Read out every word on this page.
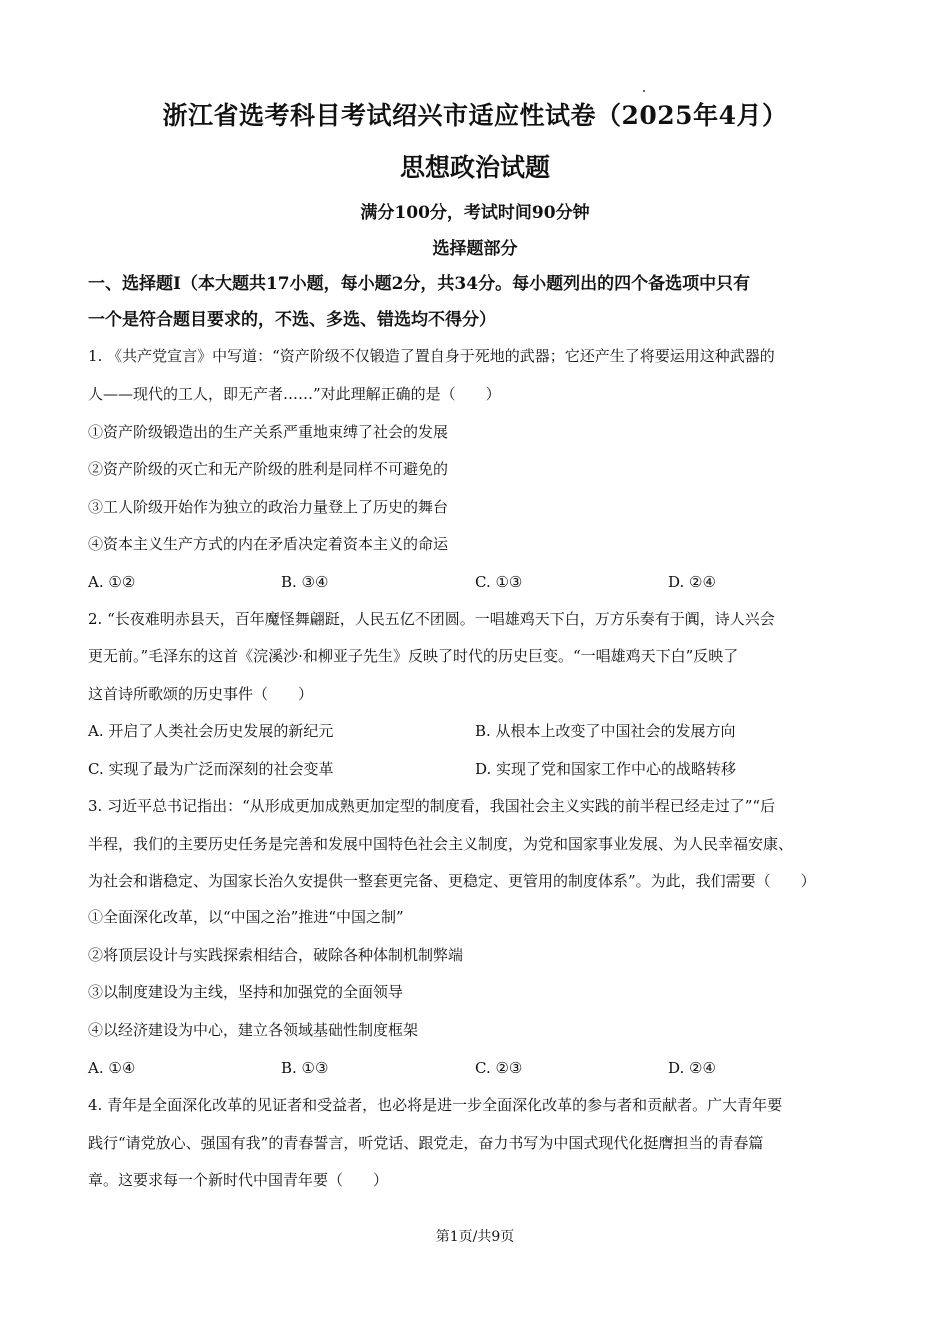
浙江省选考科目考试绍兴市适应性试卷（2025年4月）
思想政治试题
满分100分，考试时间90分钟
选择题部分
一、选择题Ⅰ（本大题共17小题，每小题2分，共34分。每小题列出的四个备选项中只有
一个是符合题目要求的，不选、多选、错选均不得分）
1. 《共产党宣言》中写道：“资产阶级不仅锻造了置自身于死地的武器；它还产生了将要运用这种武器的
人——现代的工人，即无产者……”对此理解正确的是（　　）
①资产阶级锻造出的生产关系严重地束缚了社会的发展
②资产阶级的灭亡和无产阶级的胜利是同样不可避免的
③工人阶级开始作为独立的政治力量登上了历史的舞台
④资本主义生产方式的内在矛盾决定着资本主义的命运
A. ①②	B. ③④	C. ①③	D. ②④
2. “长夜难明赤县天，百年魔怪舞翩跹，人民五亿不团圆。一唱雄鸡天下白，万方乐奏有于阗，诗人兴会
更无前。”毛泽东的这首《浣溪沙·和柳亚子先生》反映了时代的历史巨变。“一唱雄鸡天下白”反映了
这首诗所歌颂的历史事件（　　）
A. 开启了人类社会历史发展的新纪元	B. 从根本上改变了中国社会的发展方向
C. 实现了最为广泛而深刻的社会变革	D. 实现了党和国家工作中心的战略转移
3. 习近平总书记指出：“从形成更加成熟更加定型的制度看，我国社会主义实践的前半程已经走过了”“后
半程，我们的主要历史任务是完善和发展中国特色社会主义制度，为党和国家事业发展、为人民幸福安康、
为社会和谐稳定、为国家长治久安提供一整套更完备、更稳定、更管用的制度体系”。为此，我们需要（　　）
①全面深化改革，以“中国之治”推进“中国之制”
②将顶层设计与实践探索相结合，破除各种体制机制弊端
③以制度建设为主线，坚持和加强党的全面领导
④以经济建设为中心，建立各领域基础性制度框架
A. ①④	B. ①③	C. ②③	D. ②④
4. 青年是全面深化改革的见证者和受益者，也必将是进一步全面深化改革的参与者和贡献者。广大青年要
践行“请党放心、强国有我”的青春誓言，听党话、跟党走，奋力书写为中国式现代化挺膺担当的青春篇
章。这要求每一个新时代中国青年要（　　）
第1页/共9页
